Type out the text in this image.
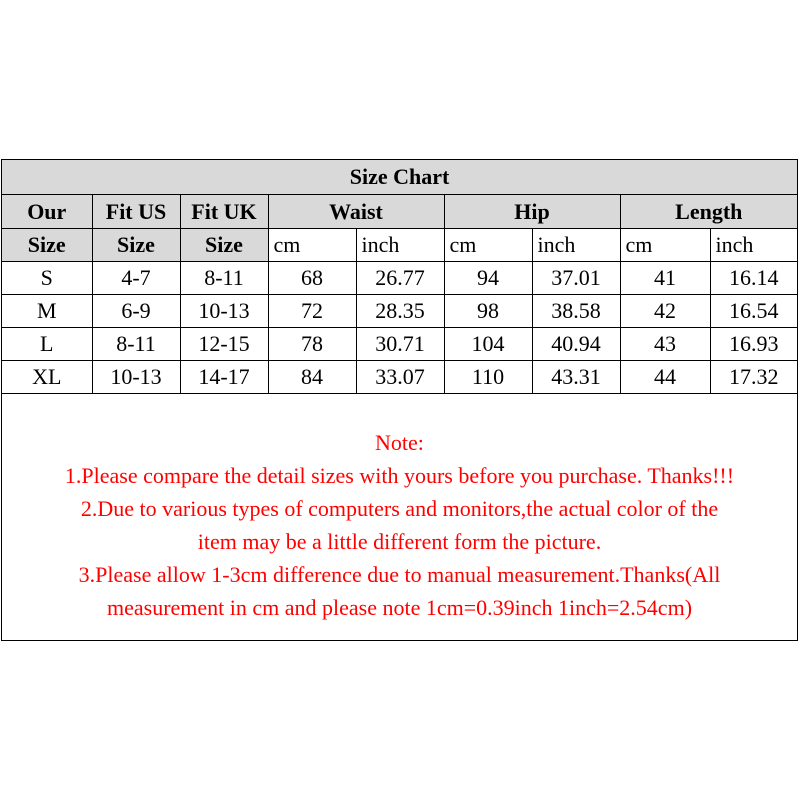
Size Chart								
Our	Fit US	Fit UK	Waist		Hip		Length	
Size	Size	Size	cm	inch	cm	inch	cm	inch
S	4-7	8-11	68	26.77	94	37.01	41	16.14
M	6-9	10-13	72	28.35	98	38.58	42	16.54
L	8-11	12-15	78	30.71	104	40.94	43	16.93
XL	10-13	14-17	84	33.07	110	43.31	44	17.32
Note:
1.Please compare the detail sizes with yours before you purchase. Thanks!!!
2.Due to various types of computers and monitors,the actual color of the
item may be a little different form the picture.
3.Please allow 1-3cm difference due to manual measurement.Thanks(All
measurement in cm and please note 1cm=0.39inch 1inch=2.54cm)
